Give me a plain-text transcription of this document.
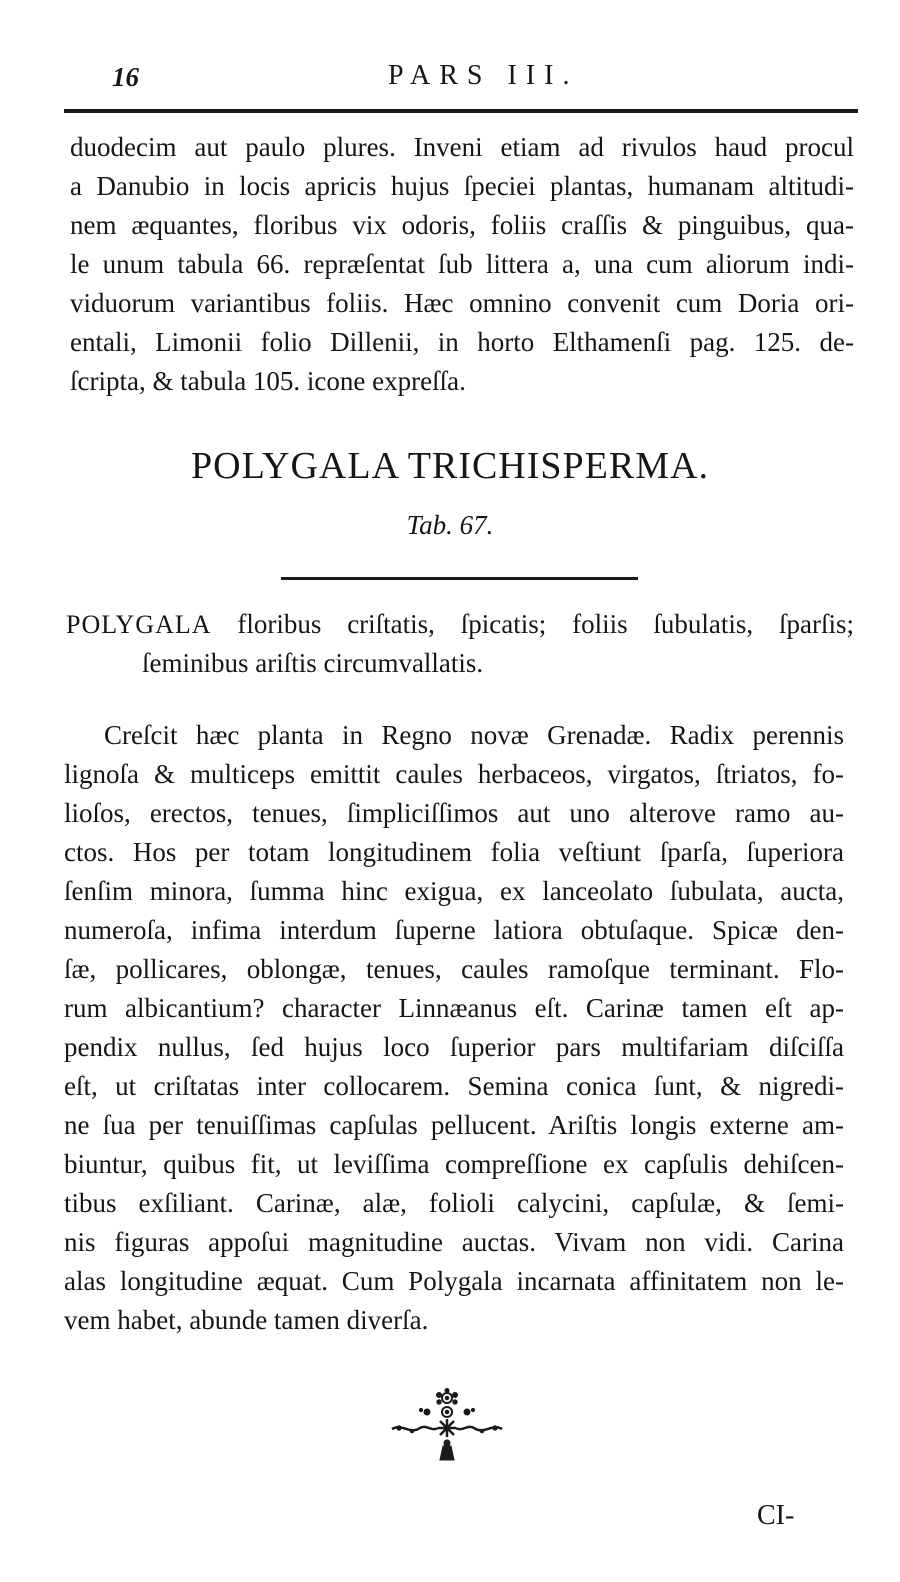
16	PARS III.
duodecim aut paulo plures. Inveni etiam ad rivulos haud procul
a Danubio in locis apricis hujus ſpeciei plantas, humanam altitudi-
nem æquantes, floribus vix odoris, foliis craſſis & pinguibus, qua-
le unum tabula 66. repræſentat ſub littera a, una cum aliorum indi-
viduorum variantibus foliis. Hæc omnino convenit cum Doria ori-
entali, Limonii folio Dillenii, in horto Elthamenſi pag. 125. de-
ſcripta, & tabula 105. icone expreſſa.
POLYGALA TRICHISPERMA.
Tab. 67.
POLYGALA floribus criſtatis, ſpicatis; foliis ſubulatis, ſparſis;
ſeminibus ariſtis circumvallatis.
Creſcit hæc planta in Regno novæ Grenadæ. Radix perennis
lignoſa & multiceps emittit caules herbaceos, virgatos, ſtriatos, fo-
lioſos, erectos, tenues, ſimpliciſſimos aut uno alterove ramo au-
ctos. Hos per totam longitudinem folia veſtiunt ſparſa, ſuperiora
ſenſim minora, ſumma hinc exigua, ex lanceolato ſubulata, aucta,
numeroſa, infima interdum ſuperne latiora obtuſaque. Spicæ den-
ſæ, pollicares, oblongæ, tenues, caules ramoſque terminant. Flo-
rum albicantium? character Linnæanus eſt. Carinæ tamen eſt ap-
pendix nullus, ſed hujus loco ſuperior pars multifariam diſciſſa
eſt, ut criſtatas inter collocarem. Semina conica ſunt, & nigredi-
ne ſua per tenuiſſimas capſulas pellucent. Ariſtis longis externe am-
biuntur, quibus fit, ut leviſſima compreſſione ex capſulis dehiſcen-
tibus exſiliant. Carinæ, alæ, folioli calycini, capſulæ, & ſemi-
nis figuras appoſui magnitudine auctas. Vivam non vidi. Carina
alas longitudine æquat. Cum Polygala incarnata affinitatem non le-
vem habet, abunde tamen diverſa.
CI-
